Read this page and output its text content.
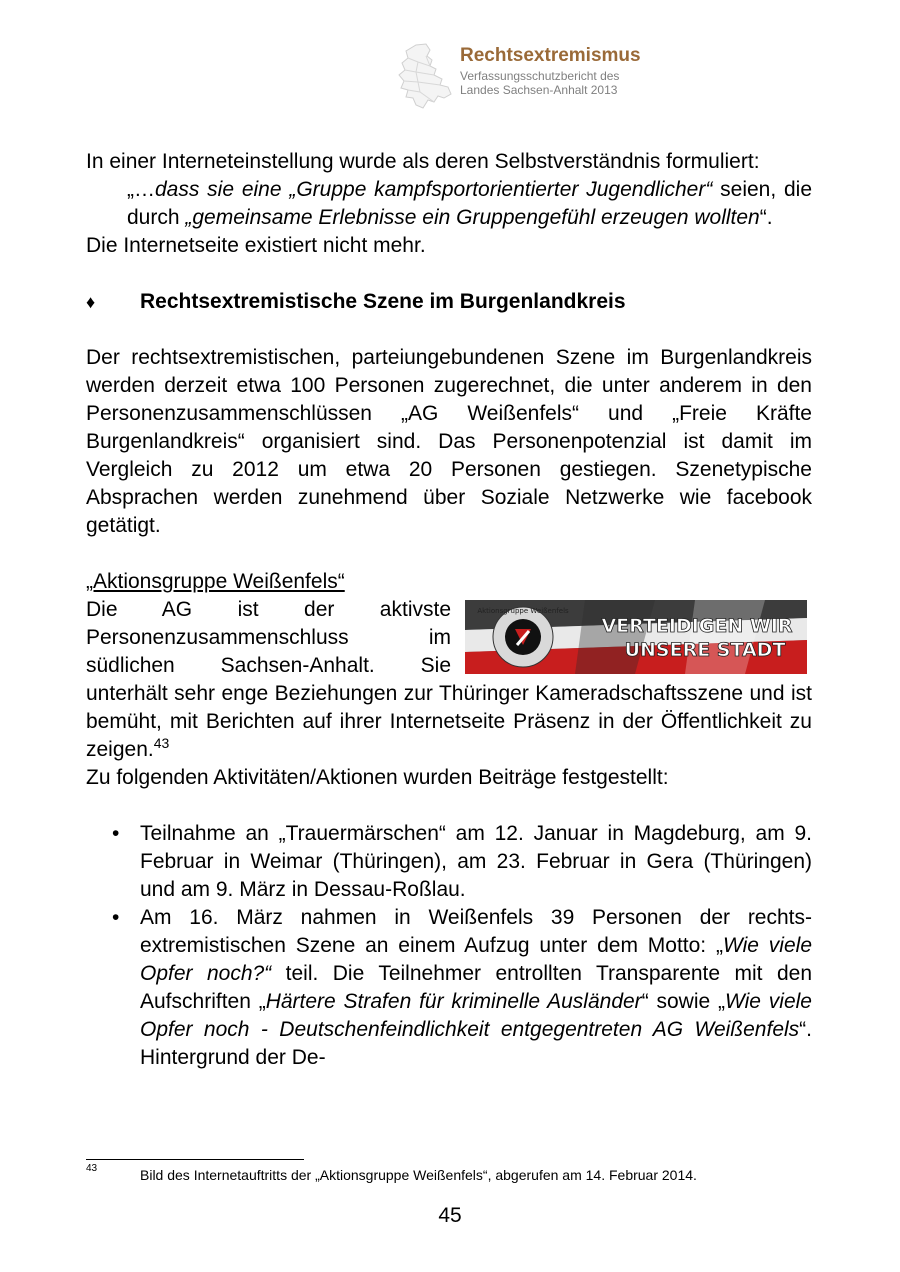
Rechtsextremismus
Verfassungsschutzbericht des
Landes Sachsen-Anhalt 2013

In einer Interneteinstellung wurde als deren Selbstverständnis formuliert:

„…dass sie eine „Gruppe kampfsportorientierter Jugendlicher“ seien, die durch „gemeinsame Erlebnisse ein Gruppengefühl erzeugen wollten“.

Die Internetseite existiert nicht mehr.

♦ Rechtsextremistische Szene im Burgenlandkreis

Der rechtsextremistischen, parteiungebundenen Szene im Burgenlandkreis werden derzeit etwa 100 Personen zugerechnet, die unter anderem in den Personenzusammenschlüssen „AG Weißenfels“ und „Freie Kräfte Burgenlandkreis“ organisiert sind. Das Personenpotenzial ist damit im Vergleich zu 2012 um etwa 20 Personen gestiegen. Szenetypische Absprachen werden zunehmend über Soziale Netzwerke wie facebook getätigt.

„Aktionsgruppe Weißenfels“

Aktionsgruppe Weißenfels
VERTEIDIGEN WIR
UNSERE STADT

Die AG ist der aktivste Personenzusammenschluss im südlichen Sachsen-Anhalt. Sie unterhält sehr enge Beziehungen zur Thüringer Kameradschaftsszene und ist bemüht, mit Berichten auf ihrer Internetseite Präsenz in der Öffentlichkeit zu zeigen.$^{43}$

Zu folgenden Aktivitäten/Aktionen wurden Beiträge festgestellt:

• Teilnahme an „Trauermärschen“ am 12. Januar in Magdeburg, am 9. Februar in Weimar (Thüringen), am 23. Februar in Gera (Thüringen) und am 9. März in Dessau-Roßlau.
• Am 16. März nahmen in Weißenfels 39 Personen der rechtsextremistischen Szene an einem Aufzug unter dem Motto: „Wie viele Opfer noch?“ teil. Die Teilnehmer entrollten Transparente mit den Aufschriften „Härtere Strafen für kriminelle Ausländer“ sowie „Wie viele Opfer noch - Deutschenfeindlichkeit entgegentreten AG Weißenfels“. Hintergrund der De-
43	Bild des Internetauftritts der „Aktionsgruppe Weißenfels“, abgerufen am 14. Februar 2014.
45
